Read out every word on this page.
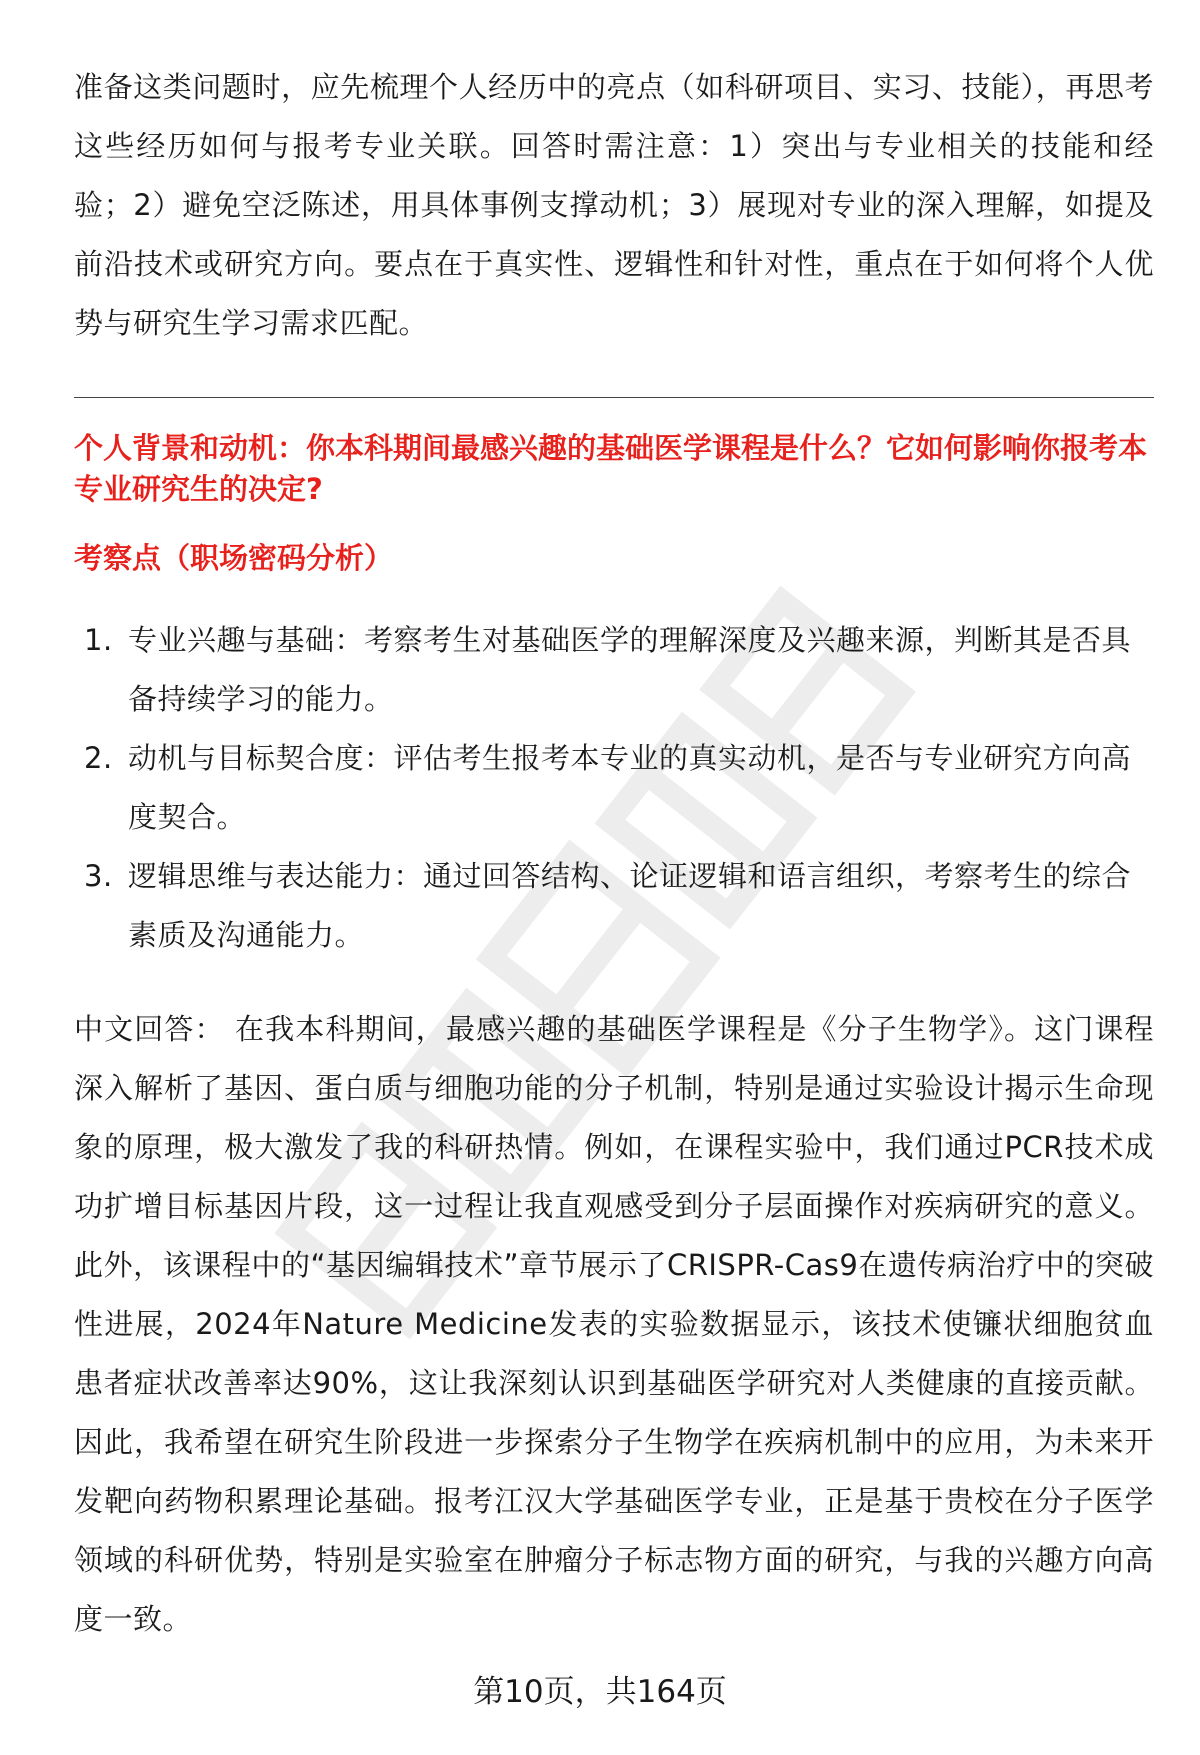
准备这类问题时，应先梳理个人经历中的亮点（如科研项目、实习、技能），再思考这些经历如何与报考专业关联。回答时需注意：1）突出与专业相关的技能和经验；2）避免空泛陈述，用具体事例支撑动机；3）展现对专业的深入理解，如提及前沿技术或研究方向。要点在于真实性、逻辑性和针对性，重点在于如何将个人优势与研究生学习需求匹配。

个人背景和动机：你本科期间最感兴趣的基础医学课程是什么？它如何影响你报考本专业研究生的决定?

考察点（职场密码分析）

1. 专业兴趣与基础：考察考生对基础医学的理解深度及兴趣来源，判断其是否具备持续学习的能力。
2. 动机与目标契合度：评估考生报考本专业的真实动机，是否与专业研究方向高度契合。
3. 逻辑思维与表达能力：通过回答结构、论证逻辑和语言组织，考察考生的综合素质及沟通能力。

中文回答： 在我本科期间，最感兴趣的基础医学课程是《分子生物学》。这门课程深入解析了基因、蛋白质与细胞功能的分子机制，特别是通过实验设计揭示生命现象的原理，极大激发了我的科研热情。例如，在课程实验中，我们通过PCR技术成功扩增目标基因片段，这一过程让我直观感受到分子层面操作对疾病研究的意义。此外，该课程中的“基因编辑技术”章节展示了CRISPR-Cas9在遗传病治疗中的突破性进展，2024年Nature Medicine发表的实验数据显示，该技术使镰状细胞贫血患者症状改善率达90%，这让我深刻认识到基础医学研究对人类健康的直接贡献。因此，我希望在研究生阶段进一步探索分子生物学在疾病机制中的应用，为未来开发靶向药物积累理论基础。报考江汉大学基础医学专业，正是基于贵校在分子医学领域的科研优势，特别是实验室在肿瘤分子标志物方面的研究，与我的兴趣方向高度一致。

第10页，共164页
